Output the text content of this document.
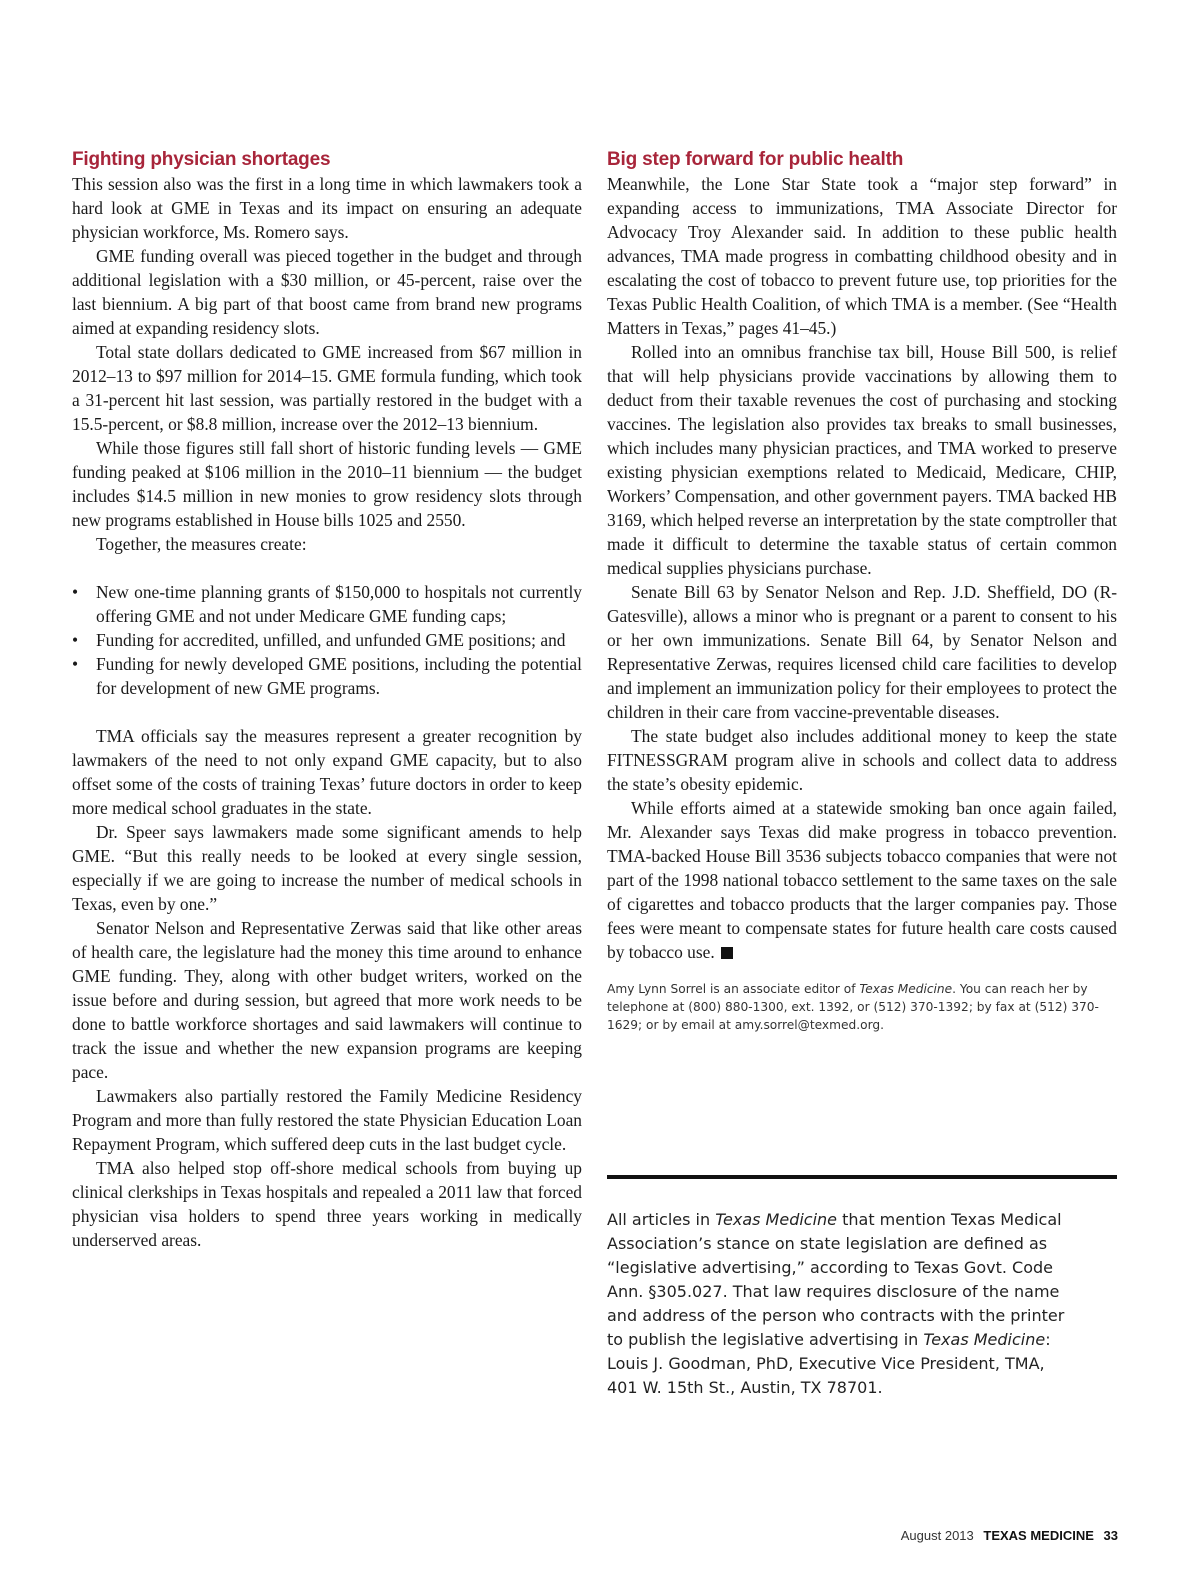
Fighting physician shortages

This session also was the first in a long time in which lawmakers took a hard look at GME in Texas and its impact on ensuring an adequate physician workforce, Ms. Romero says.

GME funding overall was pieced together in the budget and through additional legislation with a $30 million, or 45-percent, raise over the last biennium. A big part of that boost came from brand new programs aimed at expanding residency slots.

Total state dollars dedicated to GME increased from $67 million in 2012–13 to $97 million for 2014–15. GME formula funding, which took a 31-percent hit last session, was partially restored in the budget with a 15.5-percent, or $8.8 million, increase over the 2012–13 biennium.

While those figures still fall short of historic funding levels — GME funding peaked at $106 million in the 2010–11 biennium — the budget includes $14.5 million in new monies to grow residency slots through new programs established in House bills 1025 and 2550.

Together, the measures create:

• New one-time planning grants of $150,000 to hospitals not currently offering GME and not under Medicare GME funding caps;
• Funding for accredited, unfilled, and unfunded GME positions; and
• Funding for newly developed GME positions, including the potential for development of new GME programs.

TMA officials say the measures represent a greater recognition by lawmakers of the need to not only expand GME capacity, but to also offset some of the costs of training Texas’ future doctors in order to keep more medical school graduates in the state.

Dr. Speer says lawmakers made some significant amends to help GME. “But this really needs to be looked at every single session, especially if we are going to increase the number of medical schools in Texas, even by one.”

Senator Nelson and Representative Zerwas said that like other areas of health care, the legislature had the money this time around to enhance GME funding. They, along with other budget writers, worked on the issue before and during session, but agreed that more work needs to be done to battle workforce shortages and said lawmakers will continue to track the issue and whether the new expansion programs are keeping pace.

Lawmakers also partially restored the Family Medicine Residency Program and more than fully restored the state Physician Education Loan Repayment Program, which suffered deep cuts in the last budget cycle.

TMA also helped stop off-shore medical schools from buying up clinical clerkships in Texas hospitals and repealed a 2011 law that forced physician visa holders to spend three years working in medically underserved areas.

Big step forward for public health

Meanwhile, the Lone Star State took a “major step forward” in expanding access to immunizations, TMA Associate Director for Advocacy Troy Alexander said. In addition to these public health advances, TMA made progress in combatting childhood obesity and in escalating the cost of tobacco to prevent future use, top priorities for the Texas Public Health Coalition, of which TMA is a member. (See “Health Matters in Texas,” pages 41–45.)

Rolled into an omnibus franchise tax bill, House Bill 500, is relief that will help physicians provide vaccinations by allowing them to deduct from their taxable revenues the cost of purchasing and stocking vaccines. The legislation also provides tax breaks to small businesses, which includes many physician practices, and TMA worked to preserve existing physician exemptions related to Medicaid, Medicare, CHIP, Workers’ Compensation, and other government payers. TMA backed HB 3169, which helped reverse an interpretation by the state comptroller that made it difficult to determine the taxable status of certain common medical supplies physicians purchase.

Senate Bill 63 by Senator Nelson and Rep. J.D. Sheffield, DO (R-Gatesville), allows a minor who is pregnant or a parent to consent to his or her own immunizations. Senate Bill 64, by Senator Nelson and Representative Zerwas, requires licensed child care facilities to develop and implement an immunization policy for their employees to protect the children in their care from vaccine-preventable diseases.

The state budget also includes additional money to keep the state FITNESSGRAM program alive in schools and collect data to address the state’s obesity epidemic.

While efforts aimed at a statewide smoking ban once again failed, Mr. Alexander says Texas did make progress in tobacco prevention. TMA-backed House Bill 3536 subjects tobacco companies that were not part of the 1998 national tobacco settlement to the same taxes on the sale of cigarettes and tobacco products that the larger companies pay. Those fees were meant to compensate states for future health care costs caused by tobacco use.

Amy Lynn Sorrel is an associate editor of Texas Medicine. You can reach her by telephone at (800) 880-1300, ext. 1392, or (512) 370-1392; by fax at (512) 370-1629; or by email at amy.sorrel@texmed.org.

All articles in Texas Medicine that mention Texas Medical Association’s stance on state legislation are defined as “legislative advertising,” according to Texas Govt. Code Ann. §305.027. That law requires disclosure of the name and address of the person who contracts with the printer to publish the legislative advertising in Texas Medicine: Louis J. Goodman, PhD, Executive Vice President, TMA, 401 W. 15th St., Austin, TX 78701.
August 2013 TEXAS MEDICINE 33
